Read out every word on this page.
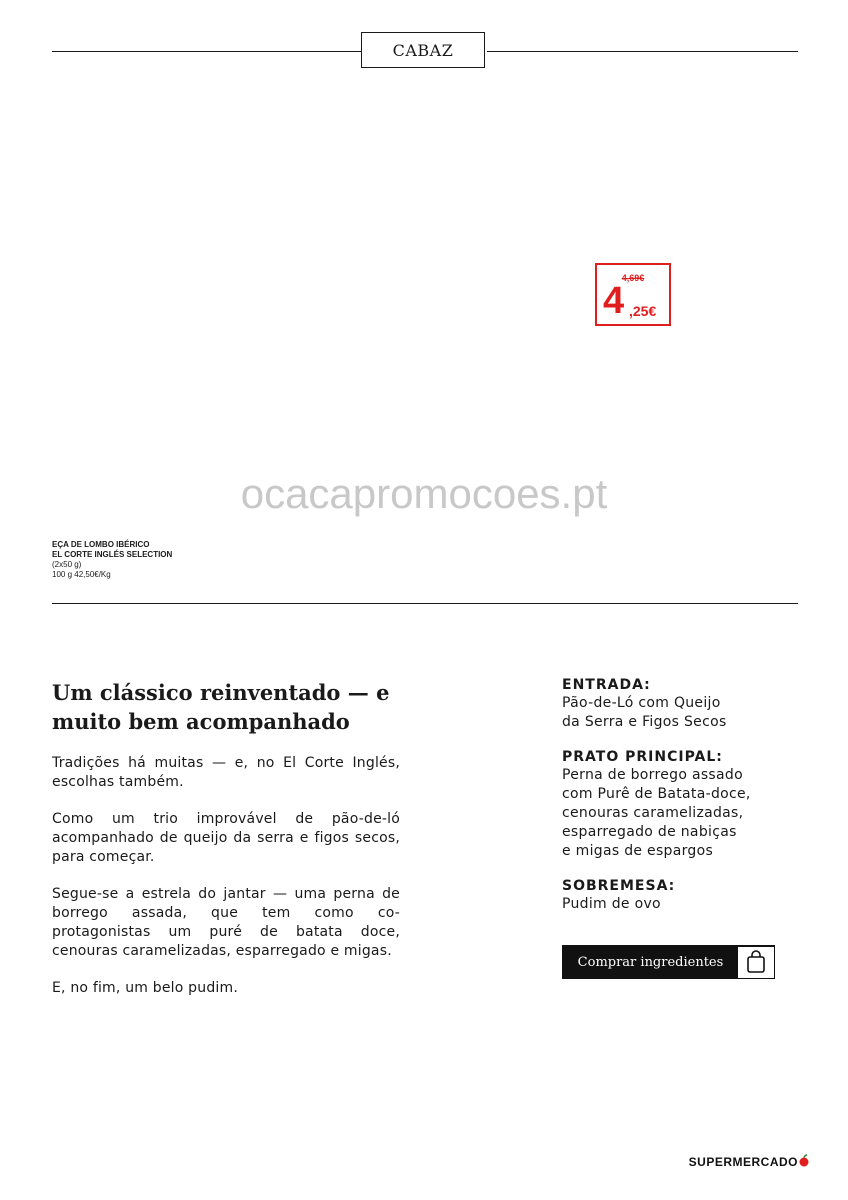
CABAZ
4,69€
4 ,25€
ocacapromocoes.pt
EÇA DE LOMBO IBÉRICO
EL CORTE INGLÉS SELECTION
(2x50 g)
100 g 42,50€/Kg
Um clássico reinventado — e muito bem acompanhado

Tradições há muitas — e, no El Corte Inglés, escolhas também.

Como um trio improvável de pão-de-ló acompanhado de queijo da serra e figos secos, para começar.

Segue-se a estrela do jantar — uma perna de borrego assada, que tem como co-protagonistas um puré de batata doce, cenouras caramelizadas, esparregado e migas.

E, no fim, um belo pudim.

ENTRADA:
Pão-de-Ló com Queijo
da Serra e Figos Secos
PRATO PRINCIPAL:
Perna de borrego assado
com Purê de Batata-doce,
cenouras caramelizadas,
esparregado de nabiças
e migas de espargos
SOBREMESA:
Pudim de ovo
Comprar ingredientes
SUPERMERCADO
